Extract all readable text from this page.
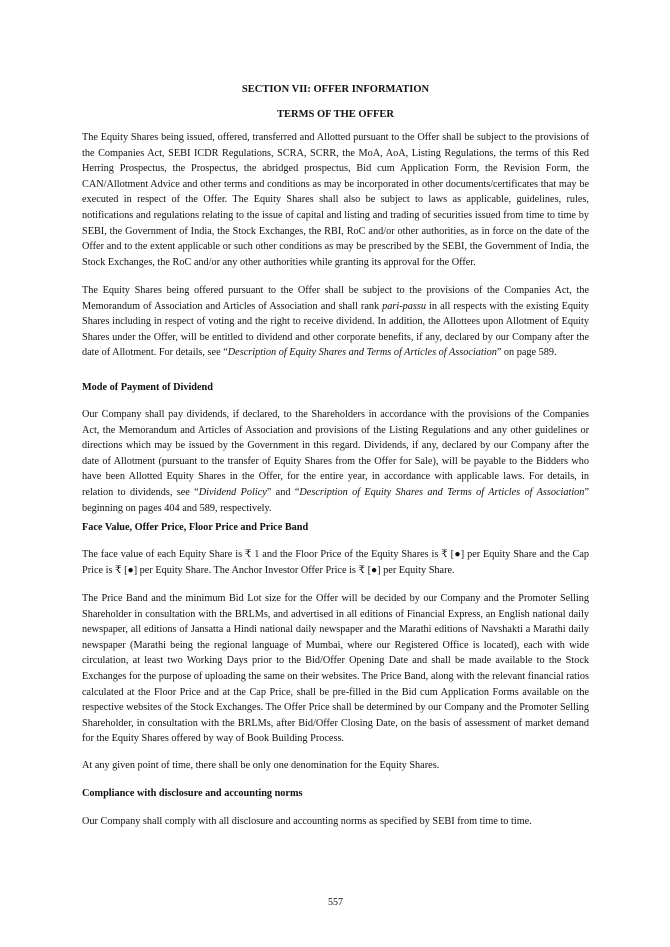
SECTION VII: OFFER INFORMATION
TERMS OF THE OFFER

The Equity Shares being issued, offered, transferred and Allotted pursuant to the Offer shall be subject to the provisions of the Companies Act, SEBI ICDR Regulations, SCRA, SCRR, the MoA, AoA, Listing Regulations, the terms of this Red Herring Prospectus, the Prospectus, the abridged prospectus, Bid cum Application Form, the Revision Form, the CAN/Allotment Advice and other terms and conditions as may be incorporated in other documents/certificates that may be executed in respect of the Offer. The Equity Shares shall also be subject to laws as applicable, guidelines, rules, notifications and regulations relating to the issue of capital and listing and trading of securities issued from time to time by SEBI, the Government of India, the Stock Exchanges, the RBI, RoC and/or other authorities, as in force on the date of the Offer and to the extent applicable or such other conditions as may be prescribed by the SEBI, the Government of India, the Stock Exchanges, the RoC and/or any other authorities while granting its approval for the Offer.

The Equity Shares being offered pursuant to the Offer shall be subject to the provisions of the Companies Act, the Memorandum of Association and Articles of Association and shall rank pari-passu in all respects with the existing Equity Shares including in respect of voting and the right to receive dividend. In addition, the Allottees upon Allotment of Equity Shares under the Offer, will be entitled to dividend and other corporate benefits, if any, declared by our Company after the date of Allotment. For details, see “Description of Equity Shares and Terms of Articles of Association” on page 589.

Mode of Payment of Dividend

Our Company shall pay dividends, if declared, to the Shareholders in accordance with the provisions of the Companies Act, the Memorandum and Articles of Association and provisions of the Listing Regulations and any other guidelines or directions which may be issued by the Government in this regard. Dividends, if any, declared by our Company after the date of Allotment (pursuant to the transfer of Equity Shares from the Offer for Sale), will be payable to the Bidders who have been Allotted Equity Shares in the Offer, for the entire year, in accordance with applicable laws. For details, in relation to dividends, see “Dividend Policy” and “Description of Equity Shares and Terms of Articles of Association” beginning on pages 404 and 589, respectively.

Face Value, Offer Price, Floor Price and Price Band

The face value of each Equity Share is ₹ 1 and the Floor Price of the Equity Shares is ₹ [●] per Equity Share and the Cap Price is ₹ [●] per Equity Share. The Anchor Investor Offer Price is ₹ [●] per Equity Share.

The Price Band and the minimum Bid Lot size for the Offer will be decided by our Company and the Promoter Selling Shareholder in consultation with the BRLMs, and advertised in all editions of Financial Express, an English national daily newspaper, all editions of Jansatta a Hindi national daily newspaper and the Marathi editions of Navshakti a Marathi daily newspaper (Marathi being the regional language of Mumbai, where our Registered Office is located), each with wide circulation, at least two Working Days prior to the Bid/Offer Opening Date and shall be made available to the Stock Exchanges for the purpose of uploading the same on their websites. The Price Band, along with the relevant financial ratios calculated at the Floor Price and at the Cap Price, shall be pre-filled in the Bid cum Application Forms available on the respective websites of the Stock Exchanges. The Offer Price shall be determined by our Company and the Promoter Selling Shareholder, in consultation with the BRLMs, after Bid/Offer Closing Date, on the basis of assessment of market demand for the Equity Shares offered by way of Book Building Process.

At any given point of time, there shall be only one denomination for the Equity Shares.

Compliance with disclosure and accounting norms

Our Company shall comply with all disclosure and accounting norms as specified by SEBI from time to time.

557
